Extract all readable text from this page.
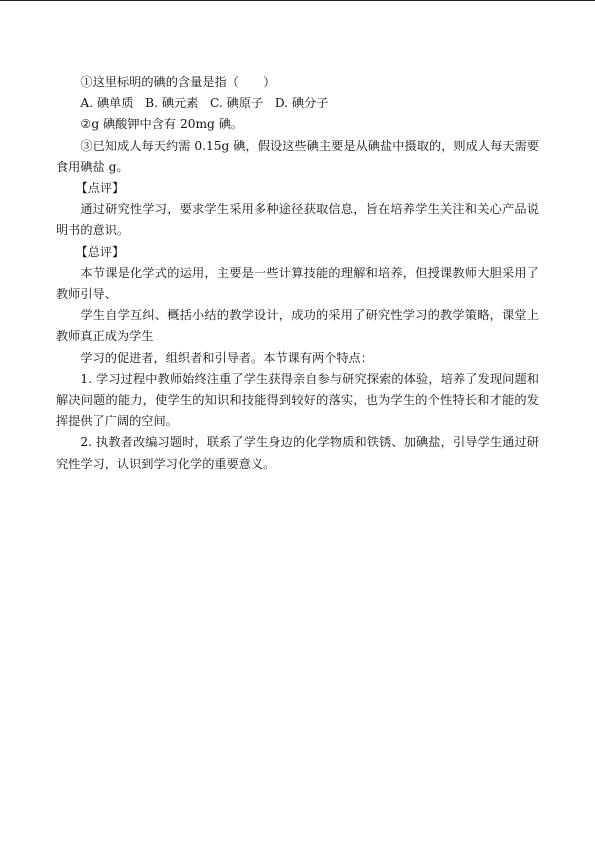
①这里标明的碘的含量是指（　　）

A. 碘单质   B. 碘元素   C. 碘原子   D. 碘分子

②g 碘酸钾中含有 20mg 碘。

③已知成人每天约需 0.15g 碘，假设这些碘主要是从碘盐中摄取的，则成人每天需要食用碘盐 g。

【点评】

通过研究性学习，要求学生采用多种途径获取信息，旨在培养学生关注和关心产品说明书的意识。

【总评】

本节课是化学式的运用，主要是一些计算技能的理解和培养，但授课教师大胆采用了教师引导、

学生自学互纠、概括小结的教学设计，成功的采用了研究性学习的教学策略，课堂上教师真正成为学生

学习的促进者，组织者和引导者。本节课有两个特点：

1. 学习过程中教师始终注重了学生获得亲自参与研究探索的体验，培养了发现问题和解决问题的能力，使学生的知识和技能得到较好的落实，也为学生的个性特长和才能的发挥提供了广阔的空间。

2. 执教者改编习题时，联系了学生身边的化学物质和铁锈、加碘盐，引导学生通过研究性学习，认识到学习化学的重要意义。
